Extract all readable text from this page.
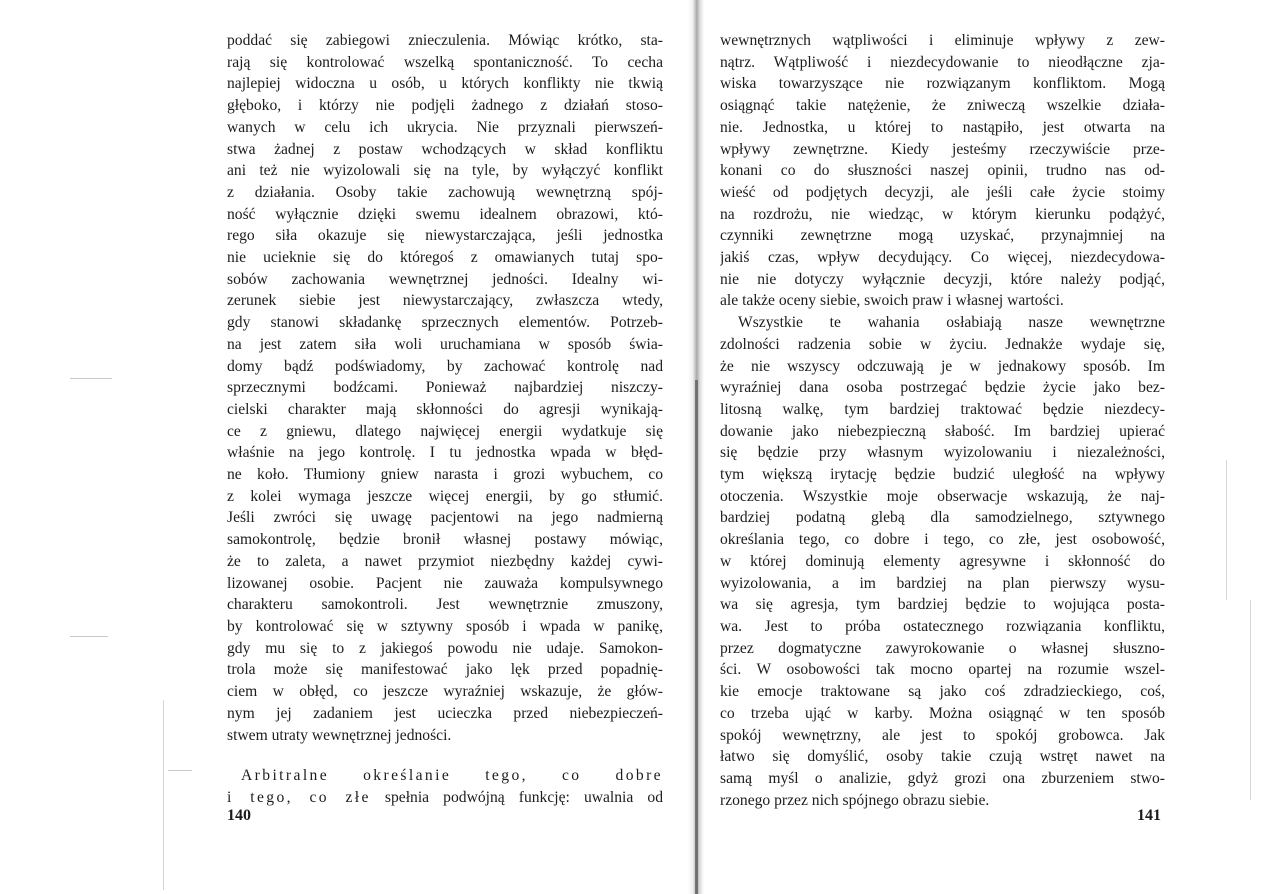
poddać się zabiegowi znieczulenia. Mówiąc krótko, sta-
rają się kontrolować wszelką spontaniczność. To cecha
najlepiej widoczna u osób, u których konflikty nie tkwią
głęboko, i którzy nie podjęli żadnego z działań stoso-
wanych w celu ich ukrycia. Nie przyznali pierwszeń-
stwa żadnej z postaw wchodzących w skład konfliktu
ani też nie wyizolowali się na tyle, by wyłączyć konflikt
z działania. Osoby takie zachowują wewnętrzną spój-
ność wyłącznie dzięki swemu idealnem obrazowi, któ-
rego siła okazuje się niewystarczająca, jeśli jednostka
nie ucieknie się do któregoś z omawianych tutaj spo-
sobów zachowania wewnętrznej jedności. Idealny wi-
zerunek siebie jest niewystarczający, zwłaszcza wtedy,
gdy stanowi składankę sprzecznych elementów. Potrzeb-
na jest zatem siła woli uruchamiana w sposób świa-
domy bądź podświadomy, by zachować kontrolę nad
sprzecznymi bodźcami. Ponieważ najbardziej niszczy-
cielski charakter mają skłonności do agresji wynikają-
ce z gniewu, dlatego najwięcej energii wydatkuje się
właśnie na jego kontrolę. I tu jednostka wpada w błęd-
ne koło. Tłumiony gniew narasta i grozi wybuchem, co
z kolei wymaga jeszcze więcej energii, by go stłumić.
Jeśli zwróci się uwagę pacjentowi na jego nadmierną
samokontrolę, będzie bronił własnej postawy mówiąc,
że to zaleta, a nawet przymiot niezbędny każdej cywi-
lizowanej osobie. Pacjent nie zauważa kompulsywnego
charakteru samokontroli. Jest wewnętrznie zmuszony,
by kontrolować się w sztywny sposób i wpada w panikę,
gdy mu się to z jakiegoś powodu nie udaje. Samokon-
trola może się manifestować jako lęk przed popadnię-
ciem w obłęd, co jeszcze wyraźniej wskazuje, że głów-
nym jej zadaniem jest ucieczka przed niebezpieczeń-
stwem utraty wewnętrznej jedności.
Arbitralne określanie tego, co dobre
i tego, co złe spełnia podwójną funkcję: uwalnia od
wewnętrznych wątpliwości i eliminuje wpływy z zew-
nątrz. Wątpliwość i niezdecydowanie to nieodłączne zja-
wiska towarzyszące nie rozwiązanym konfliktom. Mogą
osiągnąć takie natężenie, że zniweczą wszelkie działa-
nie. Jednostka, u której to nastąpiło, jest otwarta na
wpływy zewnętrzne. Kiedy jesteśmy rzeczywiście prze-
konani co do słuszności naszej opinii, trudno nas od-
wieść od podjętych decyzji, ale jeśli całe życie stoimy
na rozdrożu, nie wiedząc, w którym kierunku podążyć,
czynniki zewnętrzne mogą uzyskać, przynajmniej na
jakiś czas, wpływ decydujący. Co więcej, niezdecydowa-
nie nie dotyczy wyłącznie decyzji, które należy podjąć,
ale także oceny siebie, swoich praw i własnej wartości.
Wszystkie te wahania osłabiają nasze wewnętrzne
zdolności radzenia sobie w życiu. Jednakże wydaje się,
że nie wszyscy odczuwają je w jednakowy sposób. Im
wyraźniej dana osoba postrzegać będzie życie jako bez-
litosną walkę, tym bardziej traktować będzie niezdecy-
dowanie jako niebezpieczną słabość. Im bardziej upierać
się będzie przy własnym wyizolowaniu i niezależności,
tym większą irytację będzie budzić uległość na wpływy
otoczenia. Wszystkie moje obserwacje wskazują, że naj-
bardziej podatną glebą dla samodzielnego, sztywnego
określania tego, co dobre i tego, co złe, jest osobowość,
w której dominują elementy agresywne i skłonność do
wyizolowania, a im bardziej na plan pierwszy wysu-
wa się agresja, tym bardziej będzie to wojująca posta-
wa. Jest to próba ostatecznego rozwiązania konfliktu,
przez dogmatyczne zawyrokowanie o własnej słuszno-
ści. W osobowości tak mocno opartej na rozumie wszel-
kie emocje traktowane są jako coś zdradzieckiego, coś,
co trzeba ująć w karby. Można osiągnąć w ten sposób
spokój wewnętrzny, ale jest to spokój grobowca. Jak
łatwo się domyślić, osoby takie czują wstręt nawet na
samą myśl o analizie, gdyż grozi ona zburzeniem stwo-
rzonego przez nich spójnego obrazu siebie.
140	141
